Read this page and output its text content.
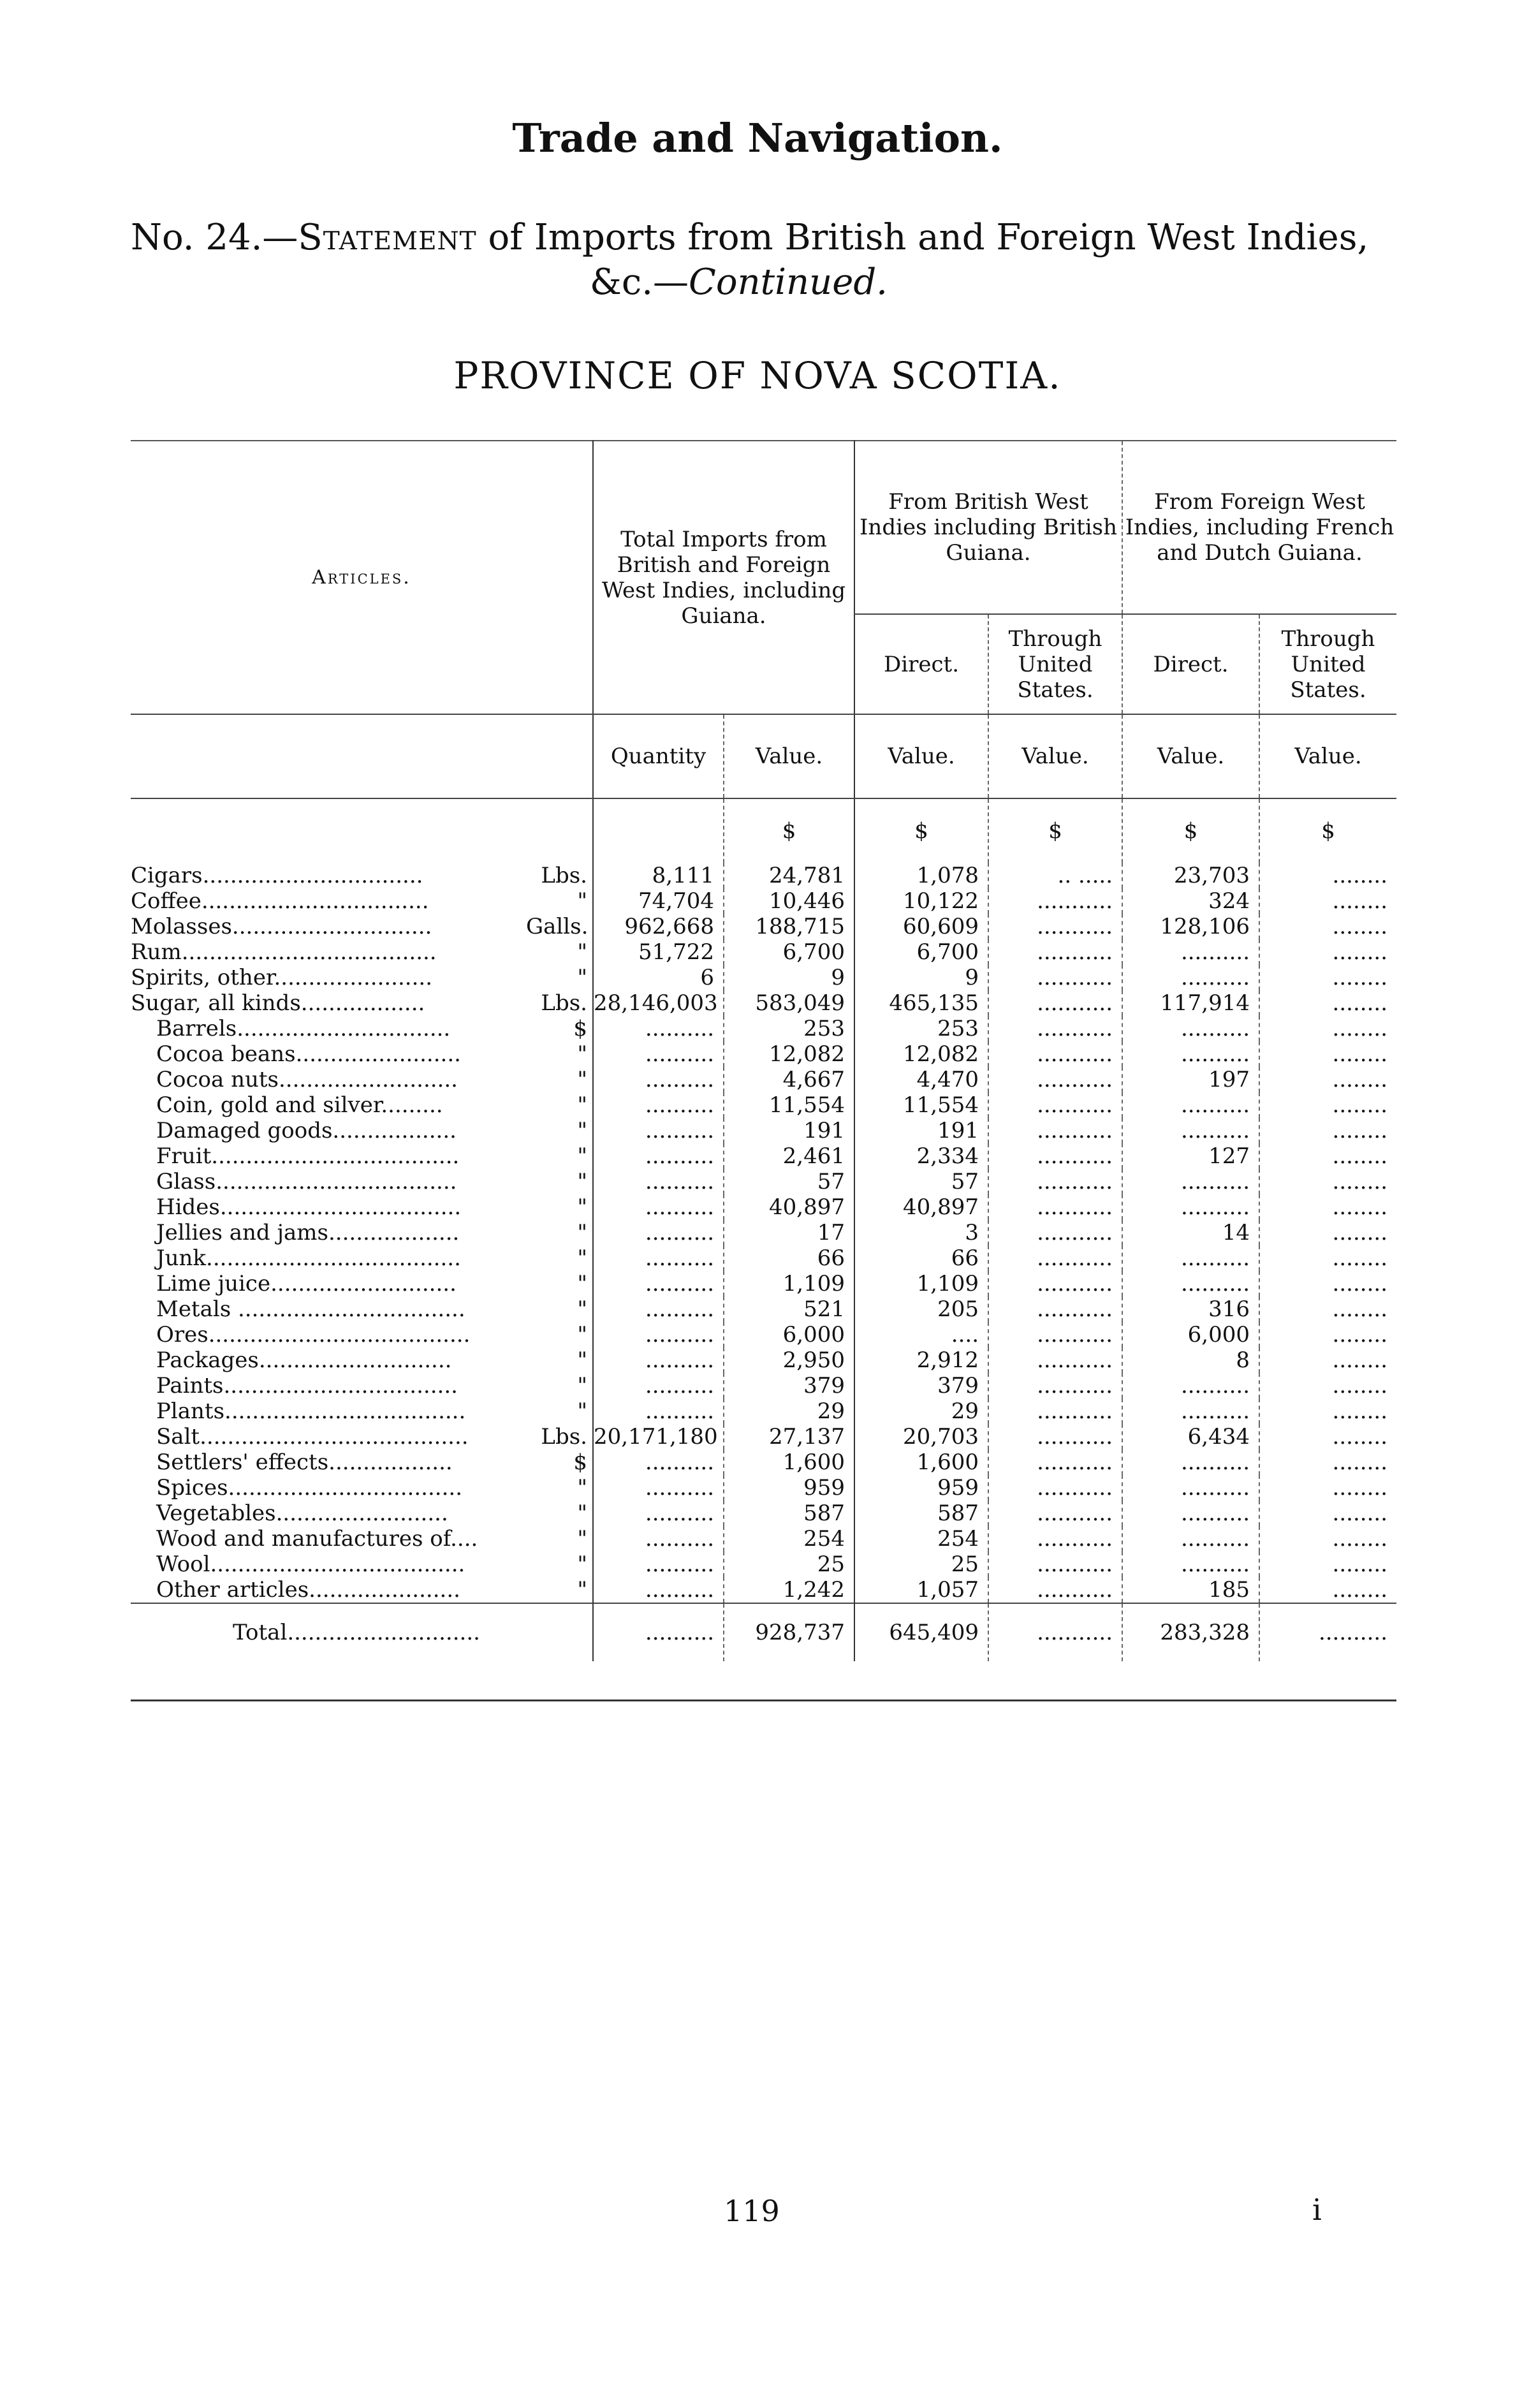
Trade and Navigation.
No. 24.—Statement of Imports from British and Foreign West Indies,
&c.—Continued.
PROVINCE OF NOVA SCOTIA.
Articles.		Total Imports from British and Foreign West Indies, including Guiana.		From British West Indies including British Guiana.		From Foreign West Indies, including French and Dutch Guiana.	
				Direct.	Through United States.	Direct.	Through United States.
		Quantity	Value.	Value.	Value.	Value.	Value.
			$	$	$	$	$
Cigars................................	Lbs.	8,111	24,781	1,078	.. .....	23,703	........
Coffee.................................	"	74,704	10,446	10,122	...........	324	........
Molasses.............................	Galls.	962,668	188,715	60,609	...........	128,106	........
Rum.....................................	"	51,722	6,700	6,700	...........	..........	........
Spirits, other.......................	"	6	9	9	...........	..........	........
Sugar, all kinds..................	Lbs.	28,146,003	583,049	465,135	...........	117,914	........
Barrels...............................	$	..........	253	253	...........	..........	........
Cocoa beans........................	"	..........	12,082	12,082	...........	..........	........
Cocoa nuts..........................	"	..........	4,667	4,470	...........	197	........
Coin, gold and silver.........	"	..........	11,554	11,554	...........	..........	........
Damaged goods..................	"	..........	191	191	...........	..........	........
Fruit....................................	"	..........	2,461	2,334	...........	127	........
Glass...................................	"	..........	57	57	...........	..........	........
Hides...................................	"	..........	40,897	40,897	...........	..........	........
Jellies and jams...................	"	..........	17	3	...........	14	........
Junk.....................................	"	..........	66	66	...........	..........	........
Lime juice...........................	"	..........	1,109	1,109	...........	..........	........
Metals .................................	"	..........	521	205	...........	316	........
Ores......................................	"	..........	6,000	....	...........	6,000	........
Packages............................	"	..........	2,950	2,912	...........	8	........
Paints..................................	"	..........	379	379	...........	..........	........
Plants...................................	"	..........	29	29	...........	..........	........
Salt.......................................	Lbs.	20,171,180	27,137	20,703	...........	6,434	........
Settlers' effects..................	$	..........	1,600	1,600	...........	..........	........
Spices..................................	"	..........	959	959	...........	..........	........
Vegetables.........................	"	..........	587	587	...........	..........	........
Wood and manufactures of....	"	..........	254	254	...........	..........	........
Wool.....................................	"	..........	25	25	...........	..........	........
Other articles......................	"	..........	1,242	1,057	...........	185	........
Total............................		..........	928,737	645,409	...........	283,328	..........
119	i
